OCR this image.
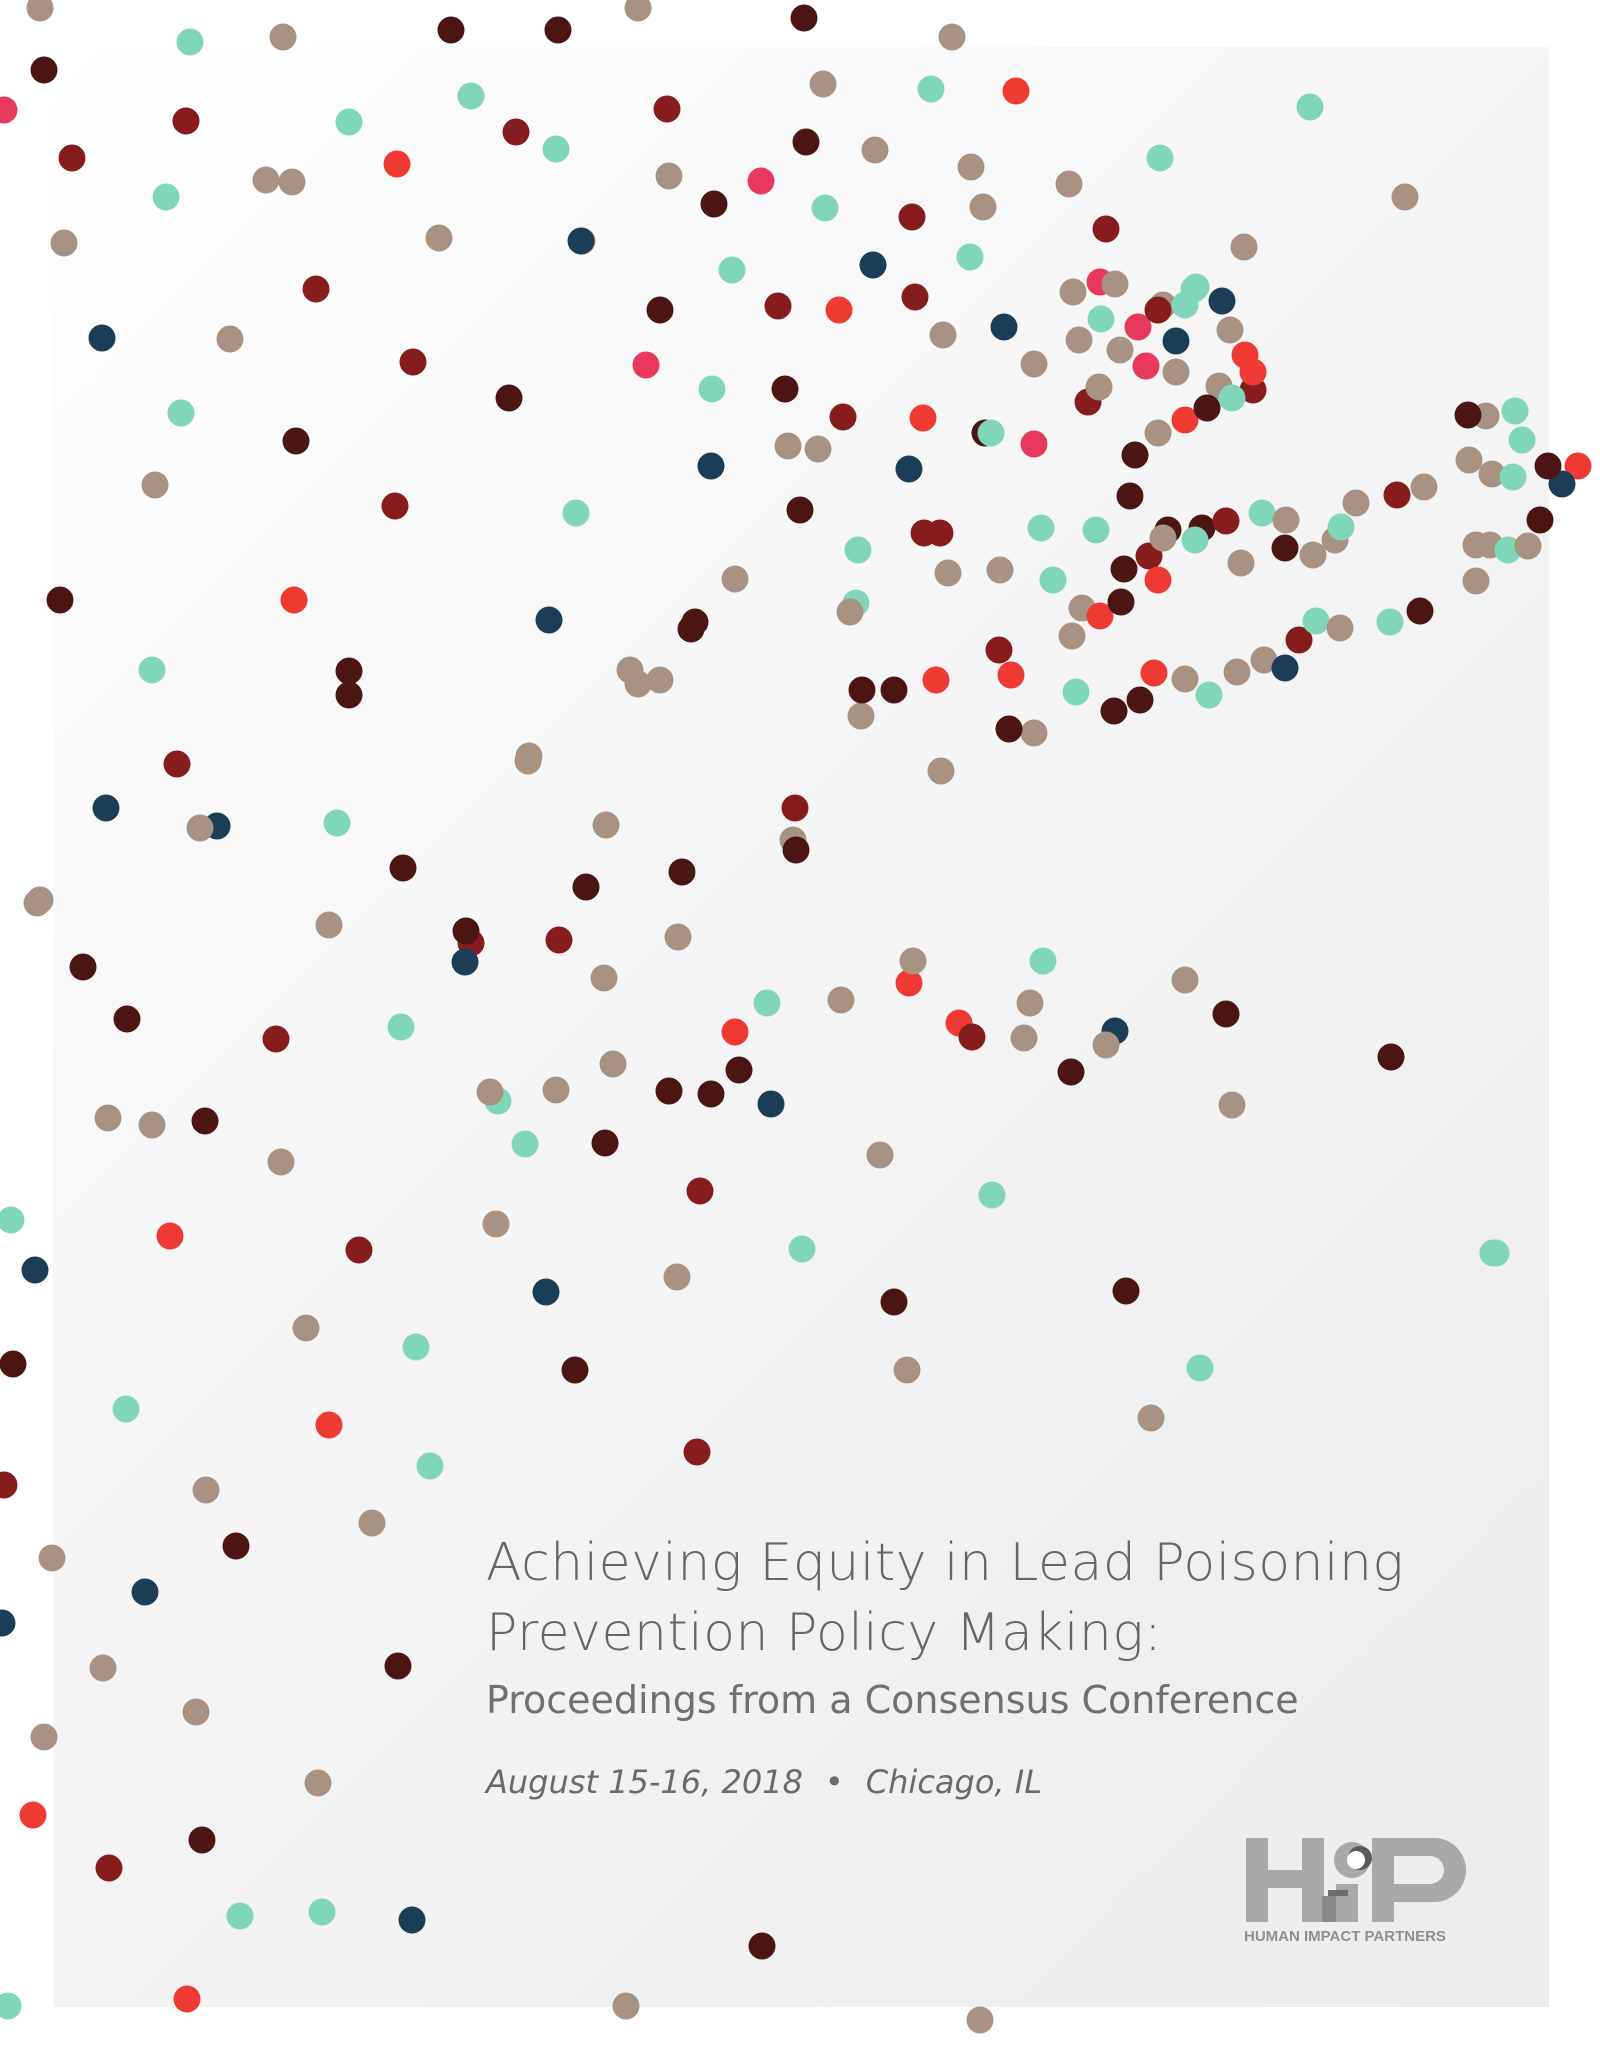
Achieving Equity in Lead Poisoning
Prevention Policy Making:
Proceedings from a Consensus Conference
August 15-16, 2018 • Chicago, IL
HUMAN IMPACT PARTNERS
